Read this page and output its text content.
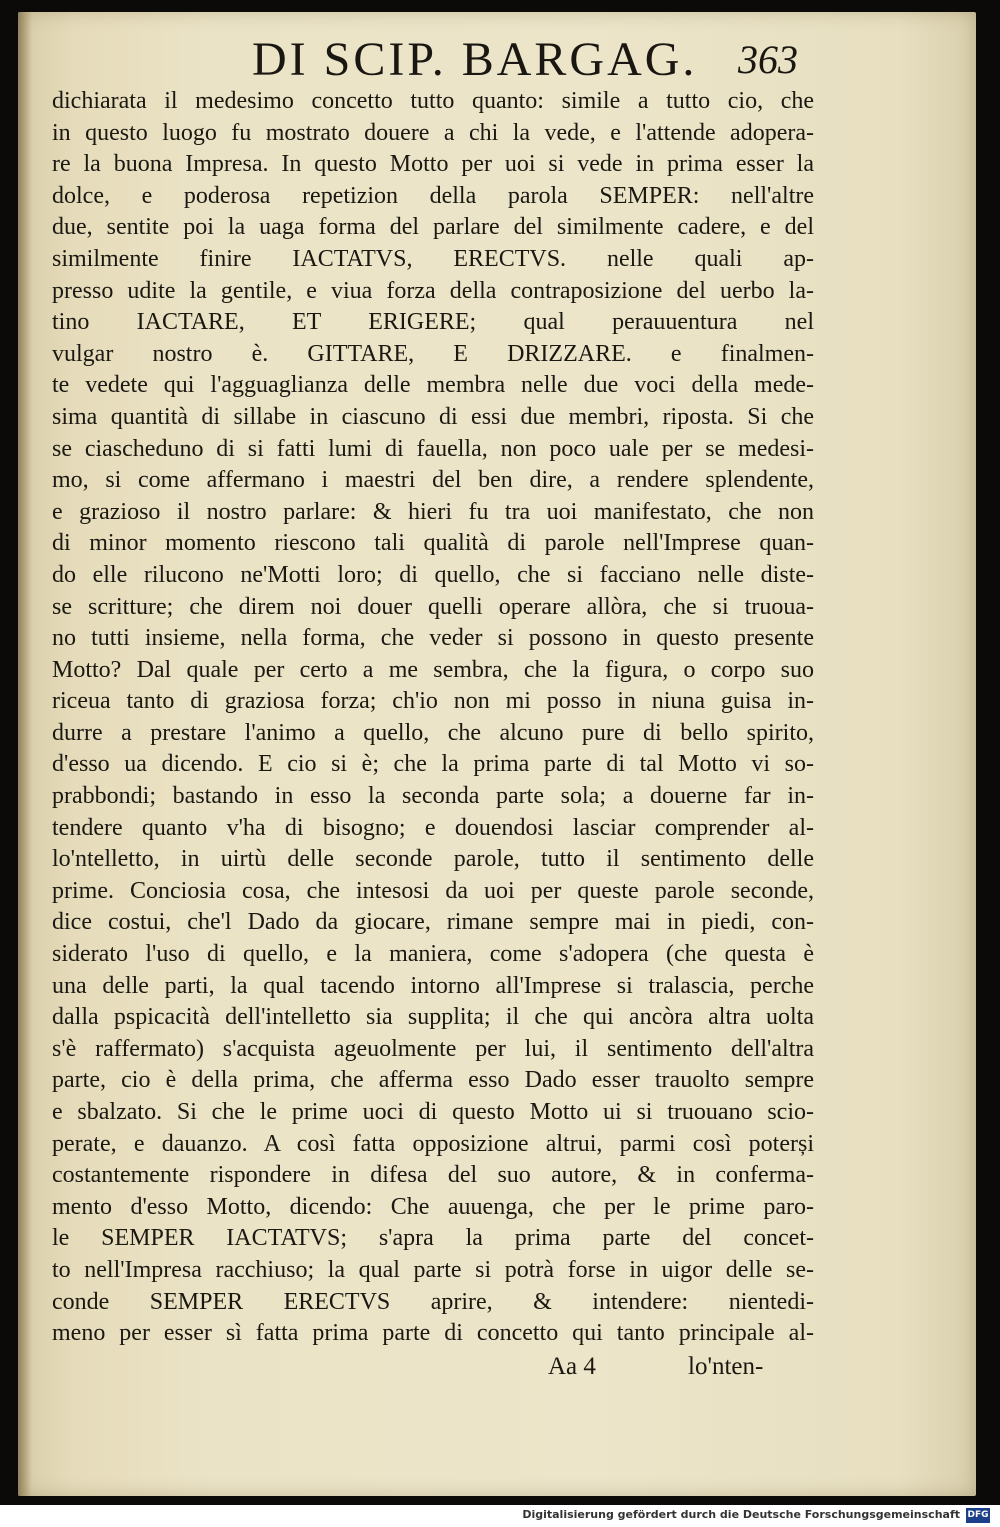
DI SCIP. BARGAG. 363
dichiarata il medesimo concetto tutto quanto: simile a tutto cio, che
in questo luogo fu mostrato douere a chi la vede, e l'attende adopera-
re la buona Impresa. In questo Motto per uoi si vede in prima esser la
dolce, e poderosa repetizion della parola SEMPER: nell'altre
due, sentite poi la uaga forma del parlare del similmente cadere, e del
similmente finire IACTATVS, ERECTVS. nelle quali ap-
presso udite la gentile, e viua forza della contraposizione del uerbo la-
tino IACTARE, ET ERIGERE; qual perauuentura nel
vulgar nostro è. GITTARE, E DRIZZARE. e finalmen-
te vedete qui l'agguaglianza delle membra nelle due voci della mede-
sima quantità di sillabe in ciascuno di essi due membri, riposta. Si che
se ciascheduno di si fatti lumi di fauella, non poco uale per se medesi-
mo, si come affermano i maestri del ben dire, a rendere splendente,
e grazioso il nostro parlare: & hieri fu tra uoi manifestato, che non
di minor momento riescono tali qualità di parole nell'Imprese quan-
do elle rilucono ne'Motti loro; di quello, che si facciano nelle diste-
se scritture; che direm noi douer quelli operare allòra, che si truoua-
no tutti insieme, nella forma, che veder si possono in questo presente
Motto? Dal quale per certo a me sembra, che la figura, o corpo suo
riceua tanto di graziosa forza; ch'io non mi posso in niuna guisa in-
durre a prestare l'animo a quello, che alcuno pure di bello spirito,
d'esso ua dicendo. E cio si è; che la prima parte di tal Motto vi so-
prabbondi; bastando in esso la seconda parte sola; a douerne far in-
tendere quanto v'ha di bisogno; e douendosi lasciar comprender al-
lo'ntelletto, in uirtù delle seconde parole, tutto il sentimento delle
prime. Conciosia cosa, che intesosi da uoi per queste parole seconde,
dice costui, che'l Dado da giocare, rimane sempre mai in piedi, con-
siderato l'uso di quello, e la maniera, come s'adopera (che questa è
una delle parti, la qual tacendo intorno all'Imprese si tralascia, perche
dalla pspicacità dell'intelletto sia supplita; il che qui ancòra altra uolta
s'è raffermato) s'acquista ageuolmente per lui, il sentimento dell'altra
parte, cio è della prima, che afferma esso Dado esser trauolto sempre
e sbalzato. Si che le prime uoci di questo Motto ui si truouano scio-
perate, e dauanzo. A così fatta opposizione altrui, parmi così poterși
costantemente rispondere in difesa del suo autore, & in conferma-
mento d'esso Motto, dicendo: Che auuenga, che per le prime paro-
le SEMPER IACTATVS; s'apra la prima parte del concet-
to nell'Impresa racchiuso; la qual parte si potrà forse in uigor delle se-
conde SEMPER ERECTVS aprire, & intendere: nientedi-
meno per esser sì fatta prima parte di concetto qui tanto principale al-
Aa 4	lo'nten-
Digitalisierung gefördert durch die Deutsche Forschungsgemeinschaft DFG
